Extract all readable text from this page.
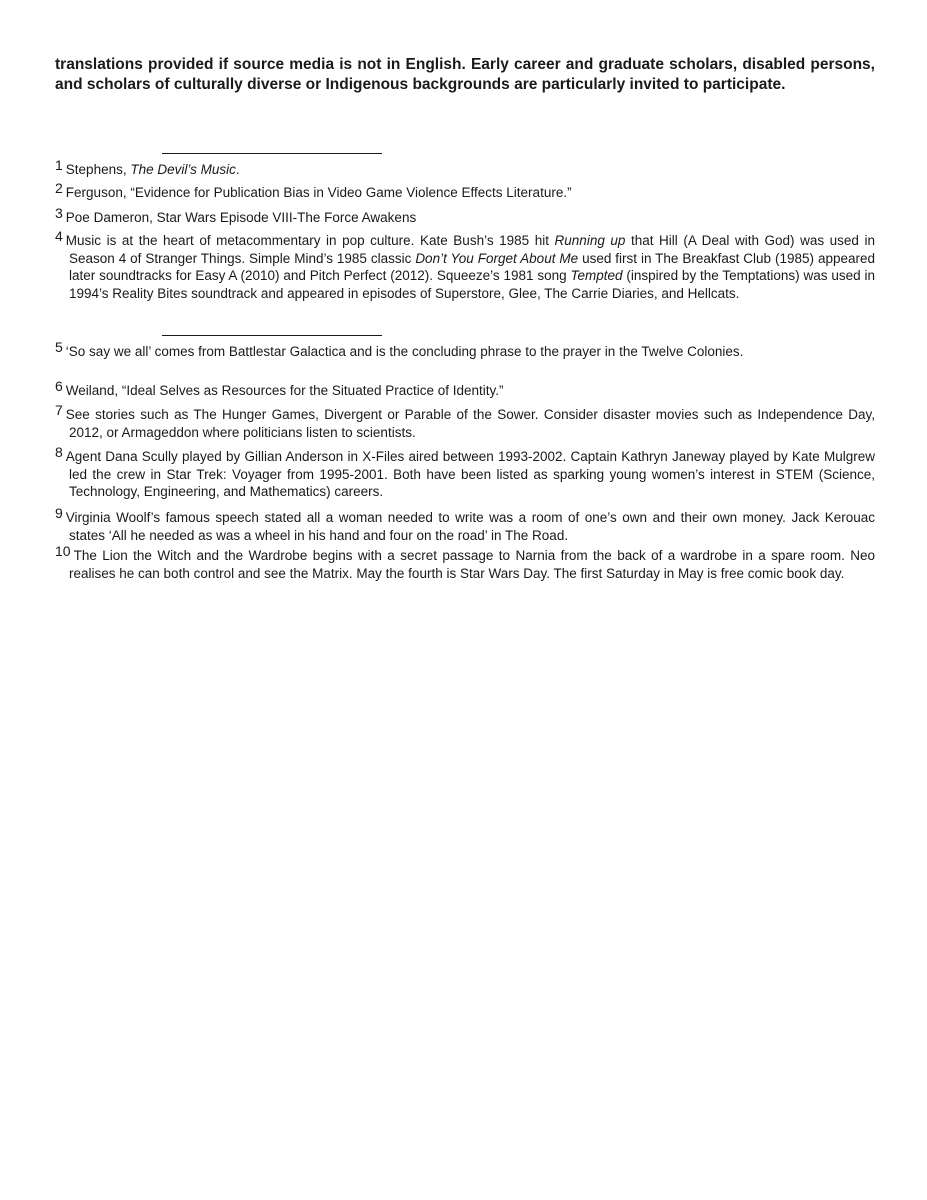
translations provided if source media is not in English. Early career and graduate scholars, disabled persons, and scholars of culturally diverse or Indigenous backgrounds are particularly invited to participate.

1 Stephens, The Devil’s Music.

2 Ferguson, “Evidence for Publication Bias in Video Game Violence Effects Literature.”

3 Poe Dameron, Star Wars Episode VIII-The Force Awakens

4 Music is at the heart of metacommentary in pop culture. Kate Bush’s 1985 hit Running up that Hill (A Deal with God) was used in Season 4 of Stranger Things. Simple Mind’s 1985 classic Don’t You Forget About Me used first in The Breakfast Club (1985) appeared later soundtracks for Easy A (2010) and Pitch Perfect (2012). Squeeze’s 1981 song Tempted (inspired by the Temptations) was used in 1994’s Reality Bites soundtrack and appeared in episodes of Superstore, Glee, The Carrie Diaries, and Hellcats.

5 ‘So say we all’ comes from Battlestar Galactica and is the concluding phrase to the prayer in the Twelve Colonies.

6 Weiland, “Ideal Selves as Resources for the Situated Practice of Identity.”

7 See stories such as The Hunger Games, Divergent or Parable of the Sower. Consider disaster movies such as Independence Day, 2012, or Armageddon where politicians listen to scientists.

8 Agent Dana Scully played by Gillian Anderson in X-Files aired between 1993-2002. Captain Kathryn Janeway played by Kate Mulgrew led the crew in Star Trek: Voyager from 1995-2001. Both have been listed as sparking young women’s interest in STEM (Science, Technology, Engineering, and Mathematics) careers.

9 Virginia Woolf’s famous speech stated all a woman needed to write was a room of one’s own and their own money. Jack Kerouac states ‘All he needed as was a wheel in his hand and four on the road’ in The Road.

10 The Lion the Witch and the Wardrobe begins with a secret passage to Narnia from the back of a wardrobe in a spare room. Neo realises he can both control and see the Matrix. May the fourth is Star Wars Day. The first Saturday in May is free comic book day.
